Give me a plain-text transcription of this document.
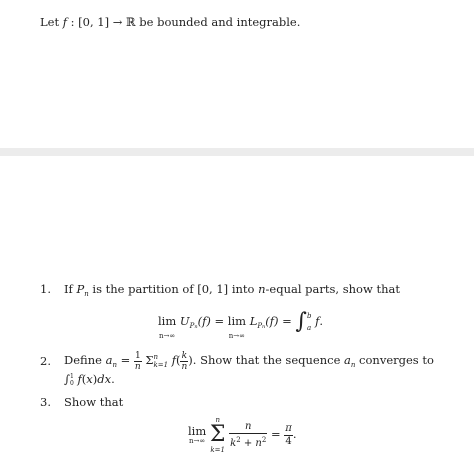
Let f : [0, 1] → ℝ be bounded and integrable.
1. If $P_n$ is the partition of [0, 1] into n-equal parts, show that
lim
n→∞
$U_{Pn}(f) = \lim$
n→∞
$L_{Pn}(f)$ = ∫ b
a f.
2. Define $a_n = \frac{1}{n}$ Σ n
k=1 $f( \frac{k}{n}$ ). Show that the sequence $a_n$ converges to
∫ 1
0 f(x)dx.
3. Show that
lim
n→∞

n
Σ
k=1

$\frac{n}{k^2 + n^2} = \frac{\pi}{4}$ .
